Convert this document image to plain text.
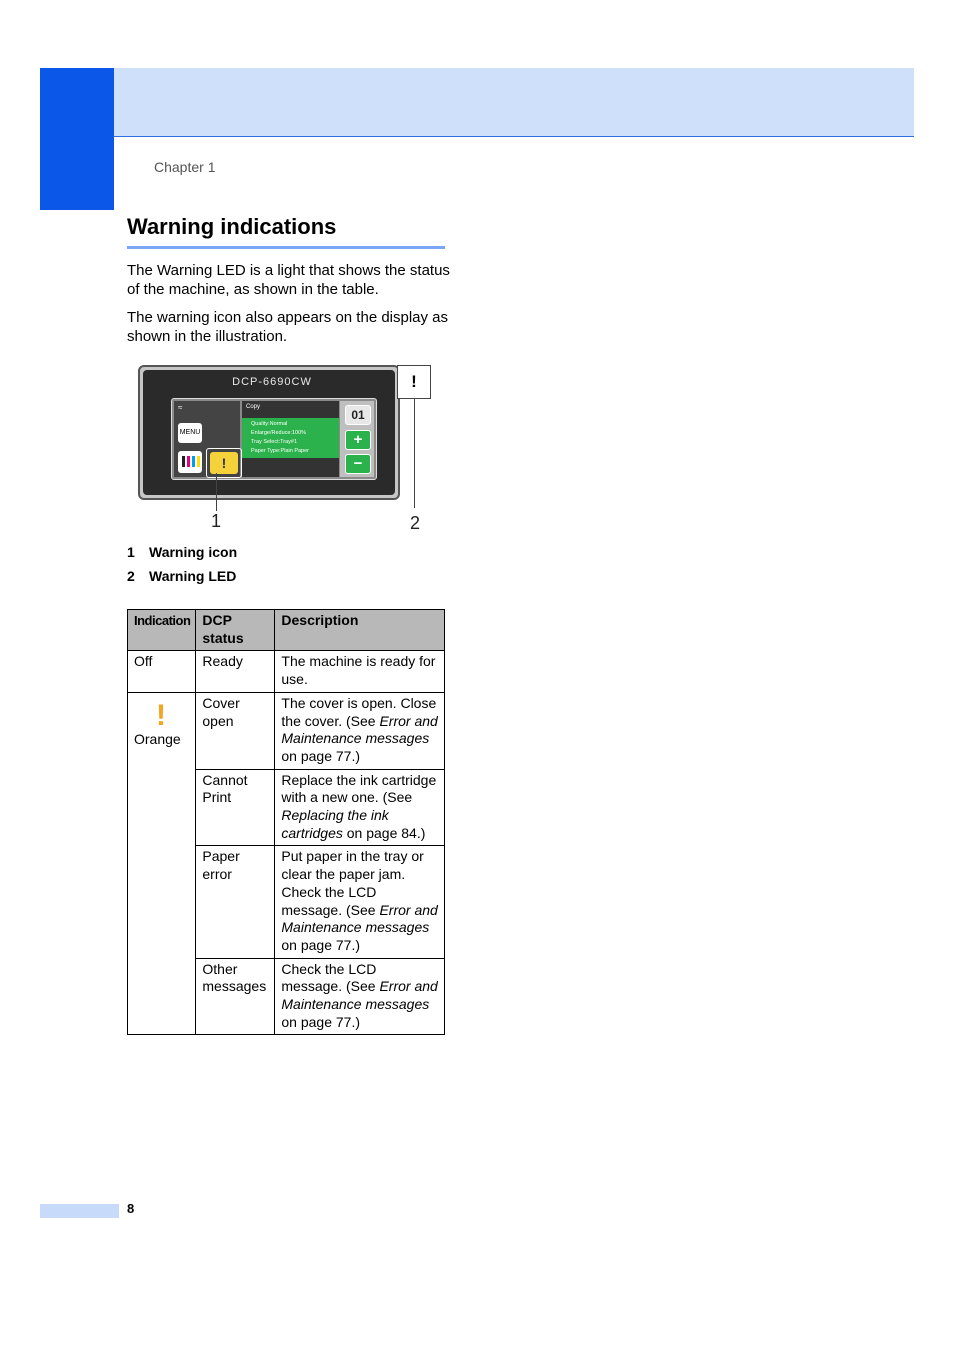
Chapter 1
Warning indications
The Warning LED is a light that shows the status of the machine, as shown in the table.
The warning icon also appears on the display as shown in the illustration.
DCP-6690CW
≈
MENU
!
Copy
Quality:Normal
Enlarge/Reduce:100%
Tray Select:Tray#1
Paper Type:Plain Paper
01
+
−
!
1	2
1 Warning icon
2 Warning LED
Indication	DCP status	Description
Off	Ready	The machine is ready for use.

!
Orange	Cover open	The cover is open. Close the cover. (See Error and Maintenance messages on page 77.)
	Cannot Print	Replace the ink cartridge with a new one. (See Replacing the ink cartridges on page 84.)
	Paper error	Put paper in the tray or clear the paper jam. Check the LCD message. (See Error and Maintenance messages on page 77.)
	Other messages	Check the LCD message. (See Error and Maintenance messages on page 77.)
8
